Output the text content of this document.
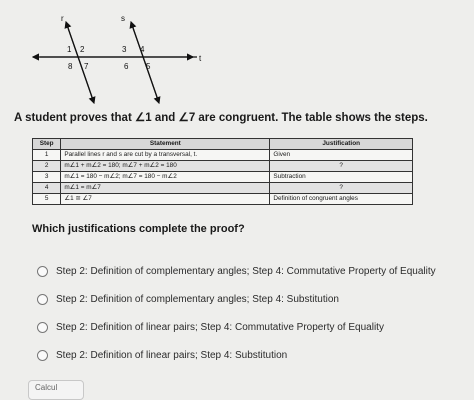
r	s
t
1 2	3 4
8 7	6 5
A student proves that ∠1 and ∠7 are congruent. The table shows the steps.
Step	Statement	Justification
1	Parallel lines r and s are cut by a transversal, t.	Given
2	m∠1 + m∠2 = 180; m∠7 + m∠2 = 180	?
3	m∠1 = 180 − m∠2; m∠7 = 180 − m∠2	Subtraction
4	m∠1 = m∠7	?
5	∠1 ≅ ∠7	Definition of congruent angles
Which justifications complete the proof?
Step 2: Definition of complementary angles; Step 4: Commutative Property of Equality
Step 2: Definition of complementary angles; Step 4: Substitution
Step 2: Definition of linear pairs; Step 4: Commutative Property of Equality
Step 2: Definition of linear pairs; Step 4: Substitution
Calcul
